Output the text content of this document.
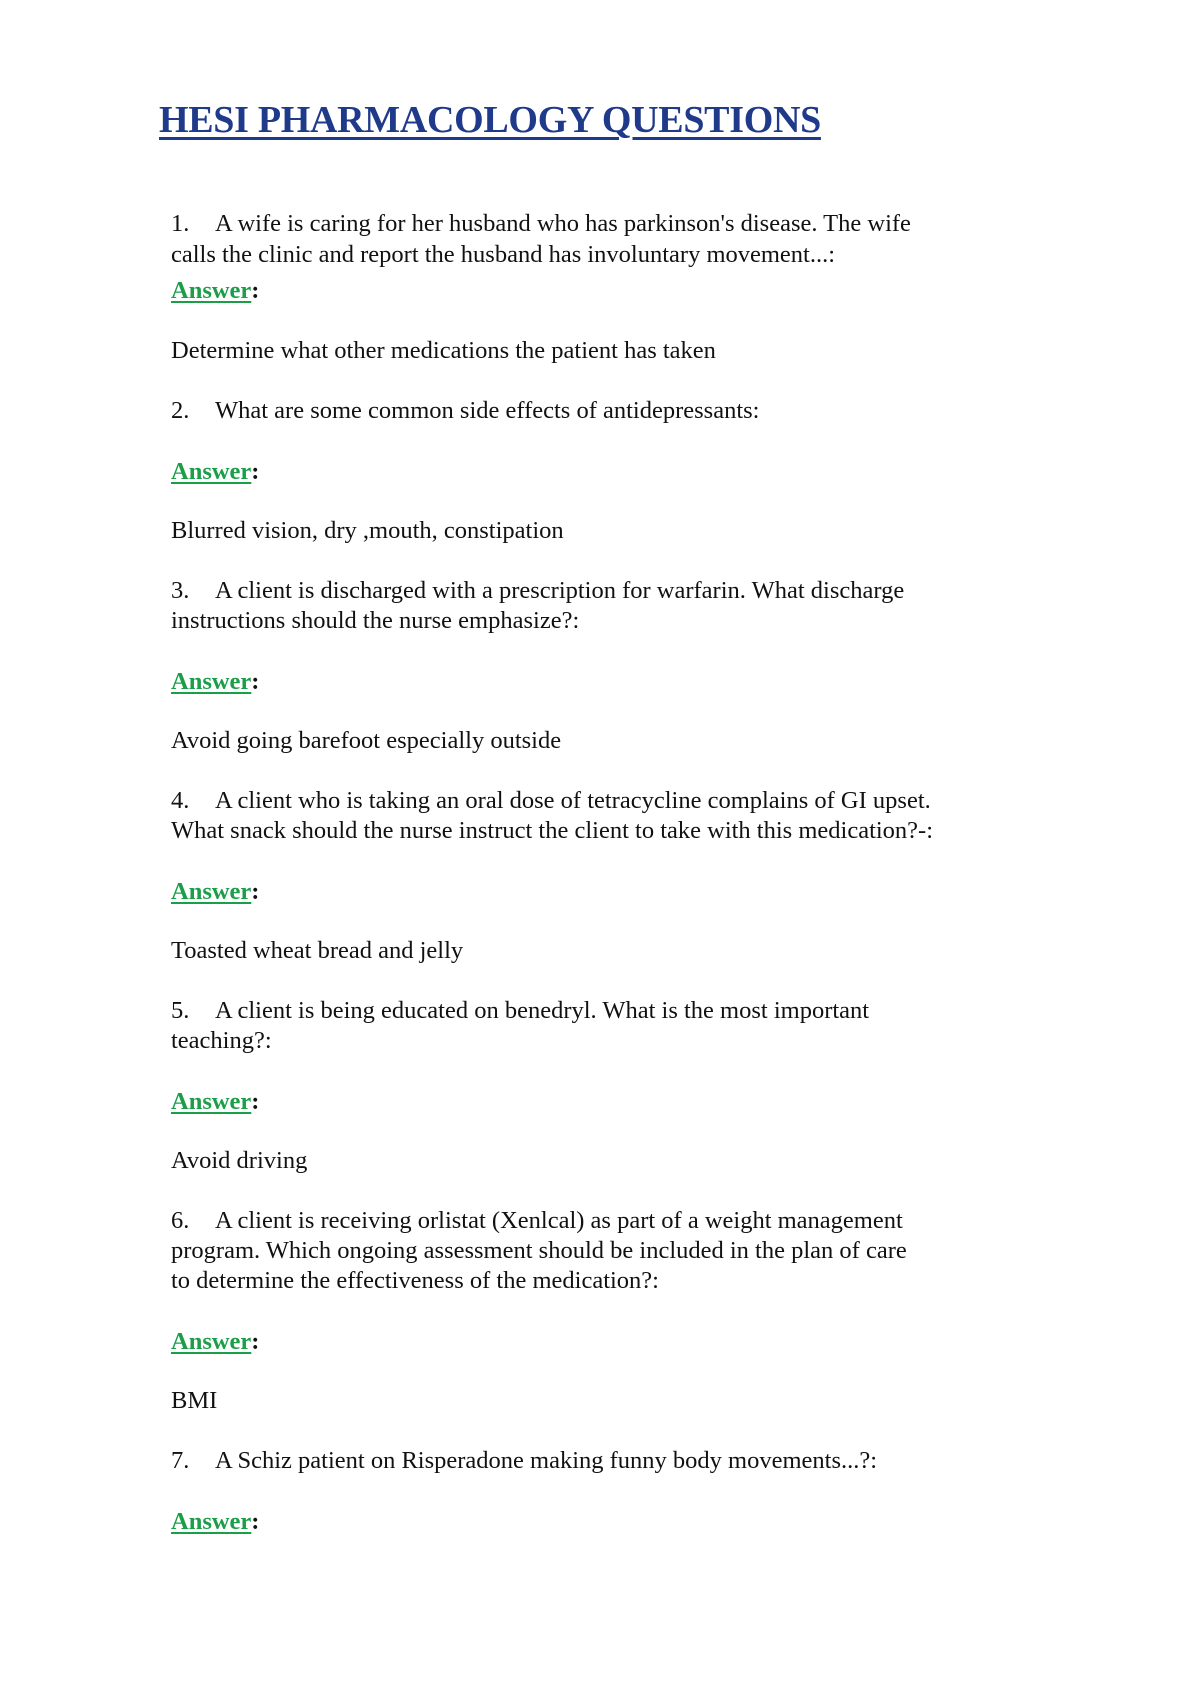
HESI PHARMACOLOGY QUESTIONS

1. A wife is caring for her husband who has parkinson's disease. The wife

calls the clinic and report the husband has involuntary movement...:

Answer:

Determine what other medications the patient has taken

2. What are some common side effects of antidepressants:

Answer:

Blurred vision, dry ,mouth, constipation

3. A client is discharged with a prescription for warfarin. What discharge

instructions should the nurse emphasize?:

Answer:

Avoid going barefoot especially outside

4. A client who is taking an oral dose of tetracycline complains of GI upset.

What snack should the nurse instruct the client to take with this medication?-:

Answer:

Toasted wheat bread and jelly

5. A client is being educated on benedryl. What is the most important

teaching?:

Answer:

Avoid driving

6. A client is receiving orlistat (Xenlcal) as part of a weight management

program. Which ongoing assessment should be included in the plan of care

to determine the effectiveness of the medication?:

Answer:

BMI

7. A Schiz patient on Risperadone making funny body movements...?:

Answer:
